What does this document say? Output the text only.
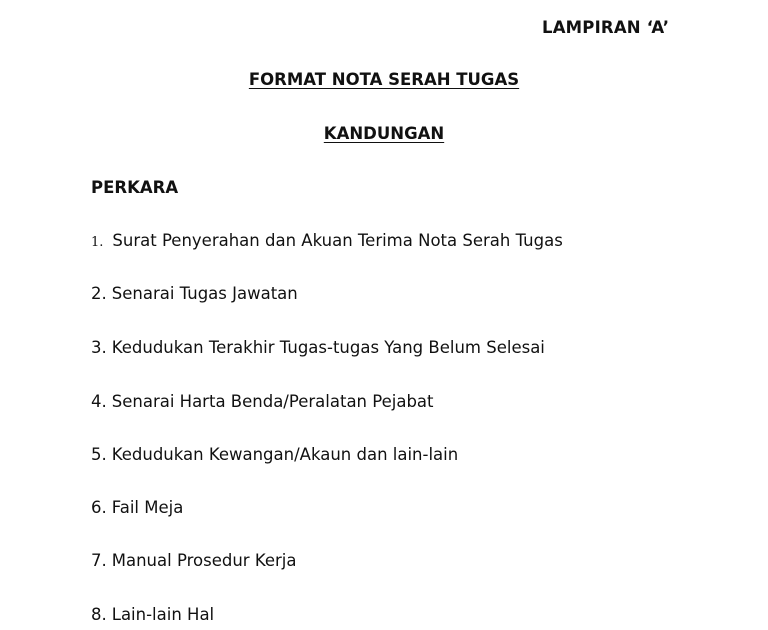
LAMPIRAN ‘A’
FORMAT NOTA SERAH TUGAS
KANDUNGAN
PERKARA
1. Surat Penyerahan dan Akuan Terima Nota Serah Tugas
2. Senarai Tugas Jawatan
3. Kedudukan Terakhir Tugas-tugas Yang Belum Selesai
4. Senarai Harta Benda/Peralatan Pejabat
5. Kedudukan Kewangan/Akaun dan lain-lain
6. Fail Meja
7. Manual Prosedur Kerja
8. Lain-lain Hal
